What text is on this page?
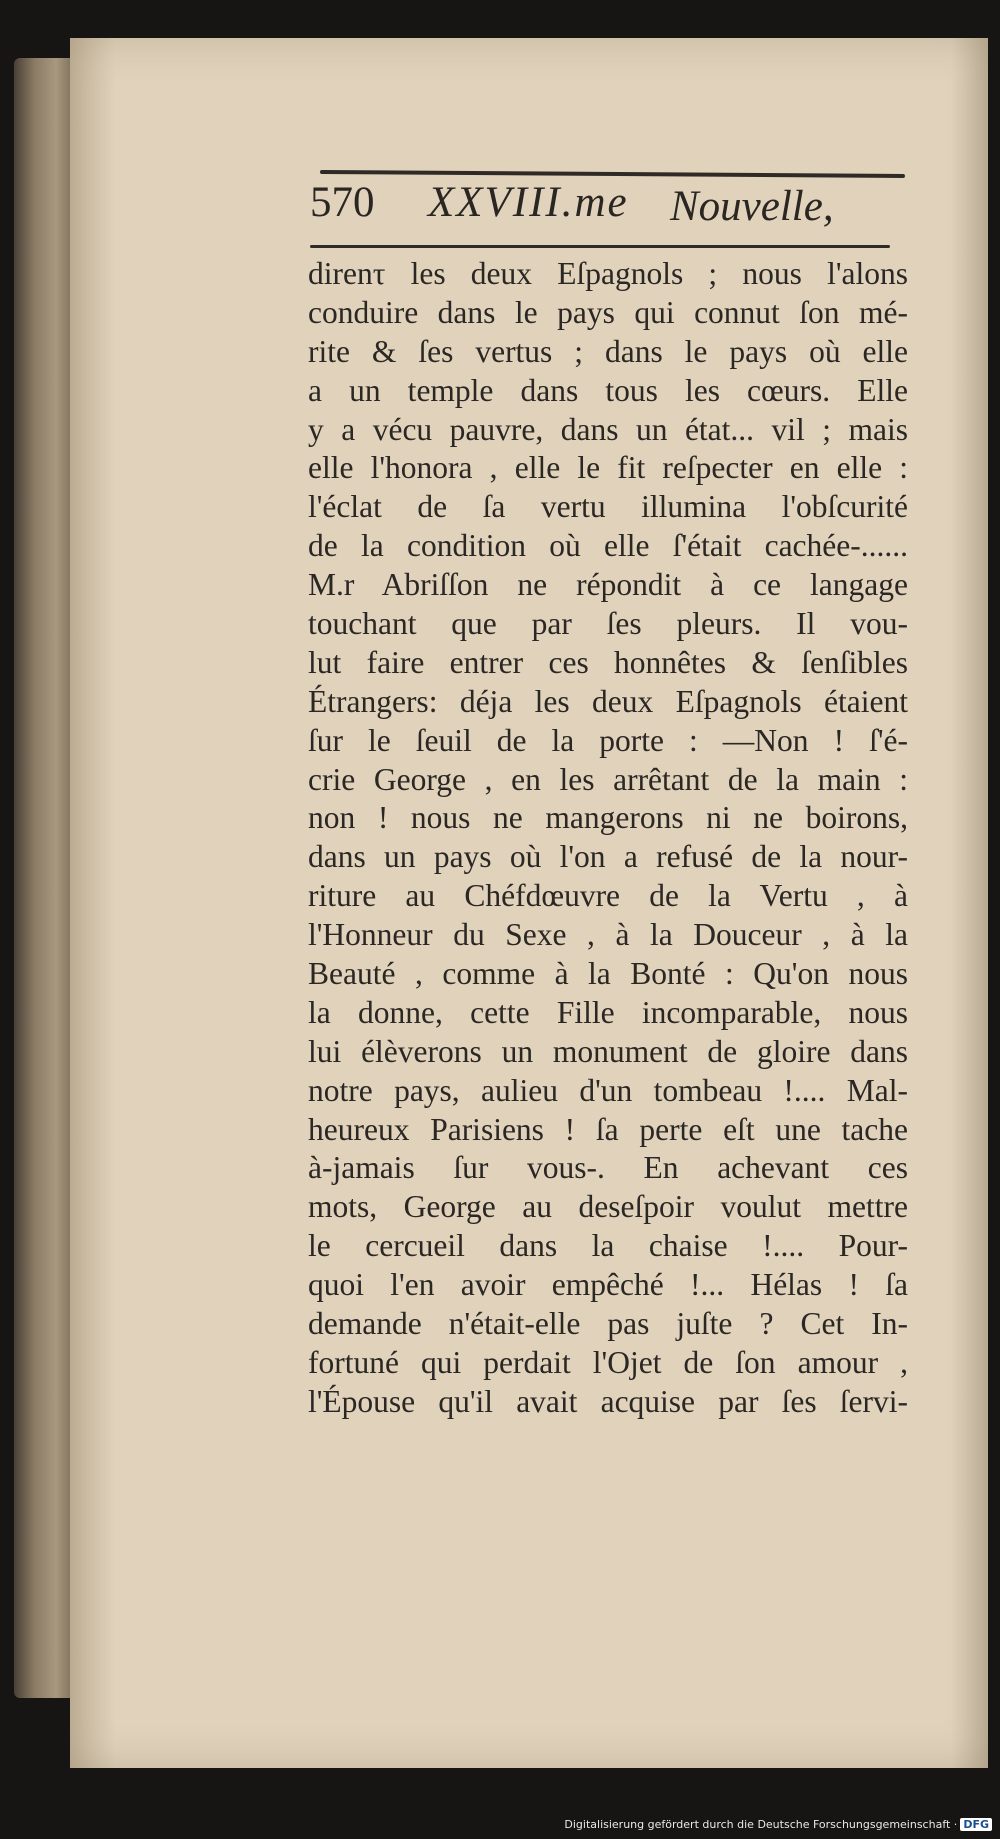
570 XXVIII.me Nouvelle,
direnτ les deux Eſpagnols ; nous l'alons
conduire dans le pays qui connut ſon mé-
rite & ſes vertus ; dans le pays où elle
a un temple dans tous les cœurs. Elle
y a vécu pauvre, dans un état... vil ; mais
elle l'honora , elle le fit reſpecter en elle :
l'éclat de ſa vertu illumina l'obſcurité
de la condition où elle ſ'était cachée-......
M.r Abriſſon ne répondit à ce langage
touchant que par ſes pleurs. Il vou-
lut faire entrer ces honnêtes & ſenſibles
Étrangers: déja les deux Eſpagnols étaient
ſur le ſeuil de la porte : —Non ! ſ'é-
crie George , en les arrêtant de la main :
non ! nous ne mangerons ni ne boirons,
dans un pays où l'on a refusé de la nour-
riture au Chéfdœuvre de la Vertu , à
l'Honneur du Sexe , à la Douceur , à la
Beauté , comme à la Bonté : Qu'on nous
la donne, cette Fille incomparable, nous
lui élèverons un monument de gloire dans
notre pays, aulieu d'un tombeau !.... Mal-
heureux Parisiens ! ſa perte eſt une tache
à-jamais ſur vous-. En achevant ces
mots, George au deseſpoir voulut mettre
le cercueil dans la chaise !.... Pour-
quoi l'en avoir empêché !... Hélas ! ſa
demande n'était-elle pas juſte ? Cet In-
fortuné qui perdait l'Ojet de ſon amour ,
l'Épouse qu'il avait acquise par ſes ſervi-
Digitalisierung gefördert durch die Deutsche Forschungsgemeinschaft · DFG
